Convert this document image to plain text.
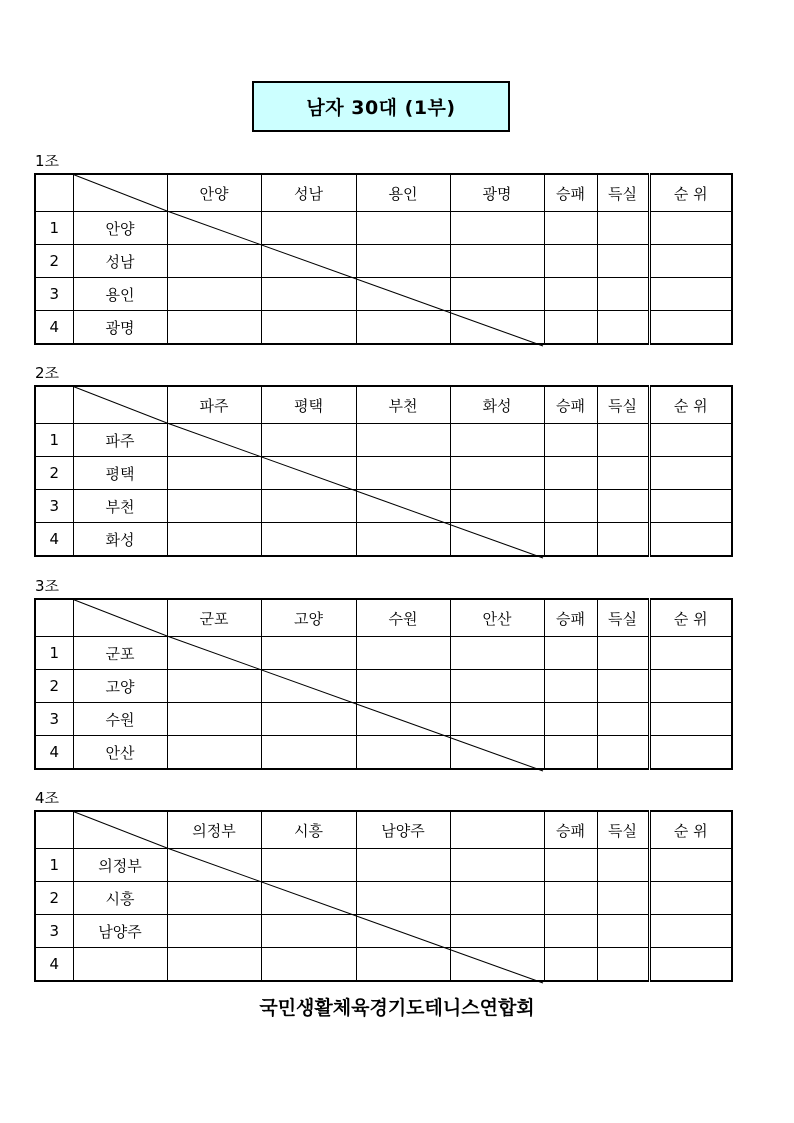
남자 30대 (1부)
1조
		안양	성남	용인	광명	승패	득실	순 위
1	안양							
2	성남							
3	용인							
4	광명							
2조
		파주	평택	부천	화성	승패	득실	순 위
1	파주							
2	평택							
3	부천							
4	화성							
3조
		군포	고양	수원	안산	승패	득실	순 위
1	군포							
2	고양							
3	수원							
4	안산							
4조
		의정부	시흥	남양주		승패	득실	순 위
1	의정부							
2	시흥							
3	남양주							
4								
국민생활체육경기도테니스연합회
